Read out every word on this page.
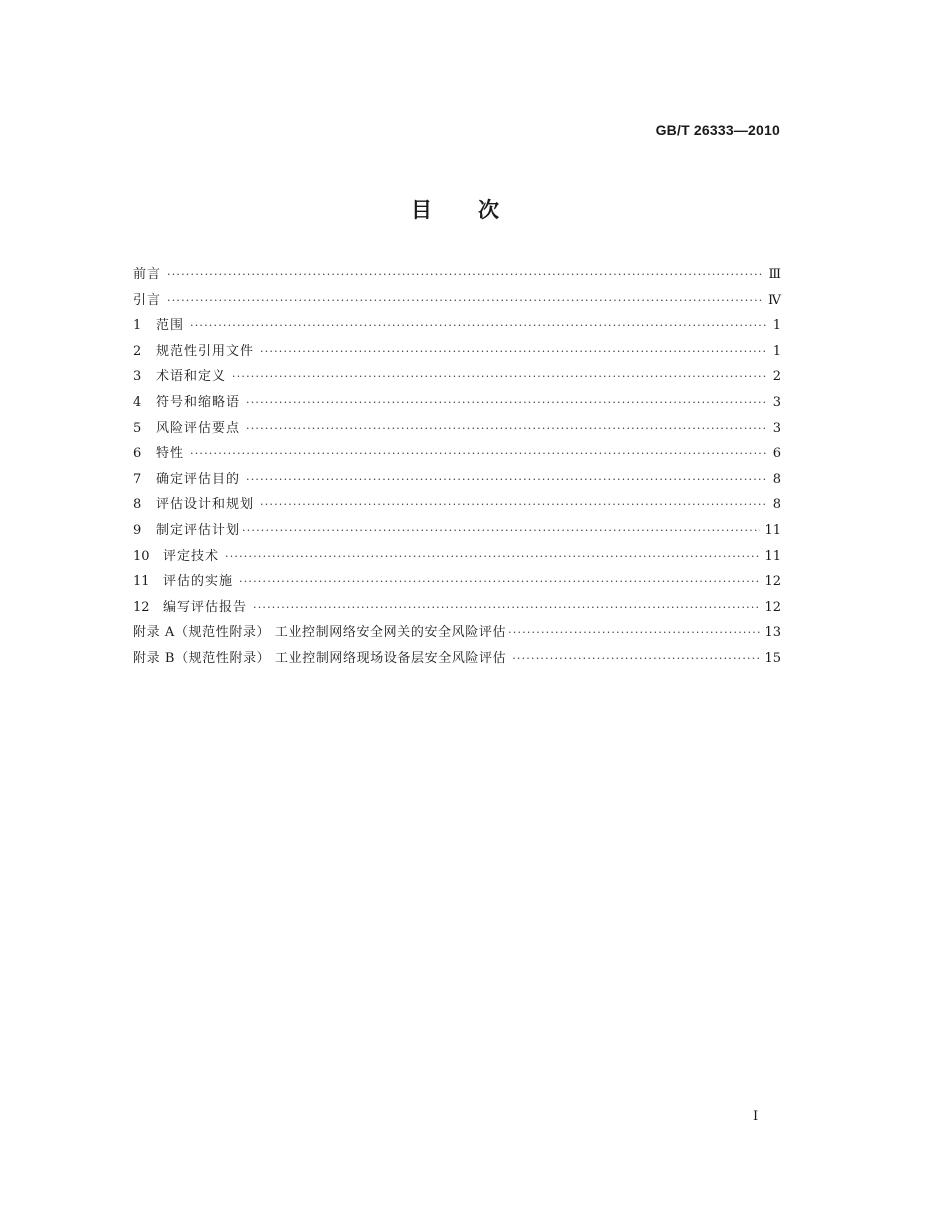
GB/T 26333—2010
目次
前言 ·····	Ⅲ
引言 ·····	Ⅳ
1	范围 ·····	1
2	规范性引用文件 ·····	1
3	术语和定义 ·····	2
4	符号和缩略语 ·····	3
5	风险评估要点 ·····	3
6	特性 ·····	6
7	确定评估目的 ·····	8
8	评估设计和规划 ·····	8
9	制定评估计划 ·····	11
10	评定技术 ·····	11
11	评估的实施 ·····	12
12	编写评估报告 ·····	12
附录 A（规范性附录） 工业控制网络安全网关的安全风险评估 ·····	13
附录 B（规范性附录） 工业控制网络现场设备层安全风险评估 ·····	15
I
